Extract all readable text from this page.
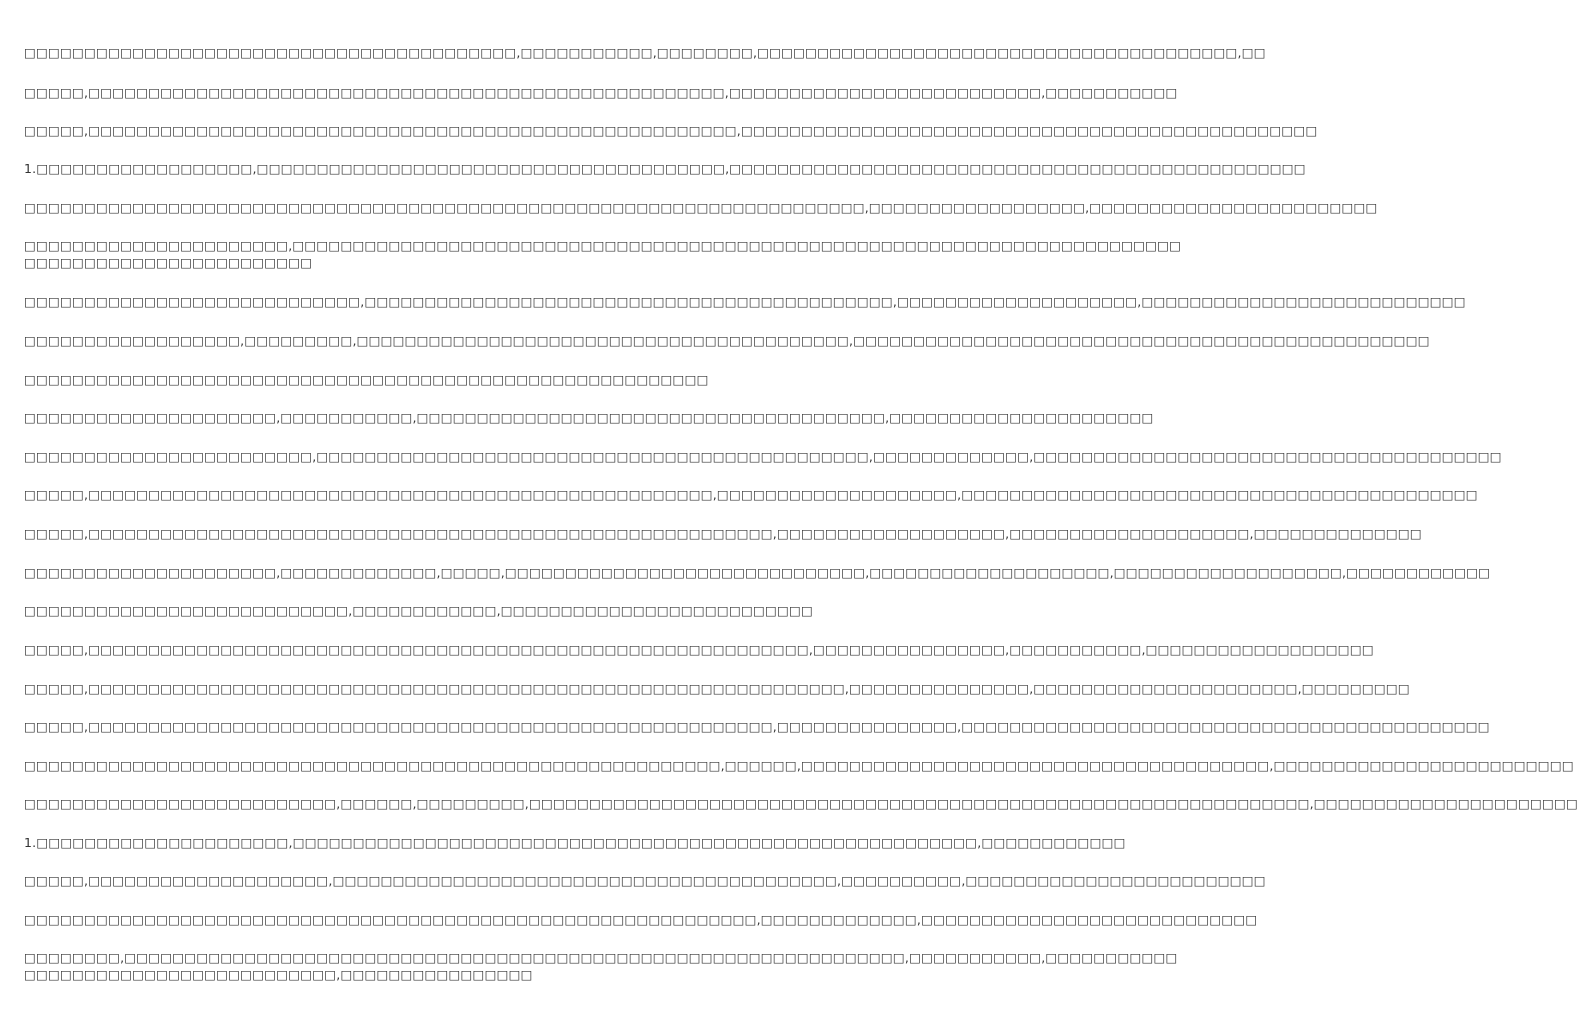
□□□□□□□□□□□□□□□□□□□□□□□□□□□□□□□□□□□□□□□□□,□□□□□□□□□□□,□□□□□□□□,□□□□□□□□□□□□□□□□□□□□□□□□□□□□□□□□□□□□□□□□,□□

□□□□□,□□□□□□□□□□□□□□□□□□□□□□□□□□□□□□□□□□□□□□□□□□□□□□□□□□□□□,□□□□□□□□□□□□□□□□□□□□□□□□□□,□□□□□□□□□□□

□□□□□,□□□□□□□□□□□□□□□□□□□□□□□□□□□□□□□□□□□□□□□□□□□□□□□□□□□□□□,□□□□□□□□□□□□□□□□□□□□□□□□□□□□□□□□□□□□□□□□□□□□□□□□

1.□□□□□□□□□□□□□□□□□□,□□□□□□□□□□□□□□□□□□□□□□□□□□□□□□□□□□□□□□□,□□□□□□□□□□□□□□□□□□□□□□□□□□□□□□□□□□□□□□□□□□□□□□□□

□□□□□□□□□□□□□□□□□□□□□□□□□□□□□□□□□□□□□□□□□□□□□□□□□□□□□□□□□□□□□□□□□□□□□□,□□□□□□□□□□□□□□□□□□,□□□□□□□□□□□□□□□□□□□□□□□□

□□□□□□□□□□□□□□□□□□□□□□,□□□□□□□□□□□□□□□□□□□□□□□□□□□□□□□□□□□□□□□□□□□□□□□□□□□□□□□□□□□□□□□□□□□□□□□□□□ □□□□□□□□□□□□□□□□□□□□□□□□

□□□□□□□□□□□□□□□□□□□□□□□□□□□□,□□□□□□□□□□□□□□□□□□□□□□□□□□□□□□□□□□□□□□□□□□□□,□□□□□□□□□□□□□□□□□□□□,□□□□□□□□□□□□□□□□□□□□□□□□□□□

□□□□□□□□□□□□□□□□□□,□□□□□□□□□,□□□□□□□□□□□□□□□□□□□□□□□□□□□□□□□□□□□□□□□□□,□□□□□□□□□□□□□□□□□□□□□□□□□□□□□□□□□□□□□□□□□□□□□□□□

□□□□□□□□□□□□□□□□□□□□□□□□□□□□□□□□□□□□□□□□□□□□□□□□□□□□□□□□□

□□□□□□□□□□□□□□□□□□□□□,□□□□□□□□□□□,□□□□□□□□□□□□□□□□□□□□□□□□□□□□□□□□□□□□□□□,□□□□□□□□□□□□□□□□□□□□□□

□□□□□□□□□□□□□□□□□□□□□□□□,□□□□□□□□□□□□□□□□□□□□□□□□□□□□□□□□□□□□□□□□□□□□□□,□□□□□□□□□□□□□,□□□□□□□□□□□□□□□□□□□□□□□□□□□□□□□□□□□□□□□

□□□□□,□□□□□□□□□□□□□□□□□□□□□□□□□□□□□□□□□□□□□□□□□□□□□□□□□□□□,□□□□□□□□□□□□□□□□□□□□,□□□□□□□□□□□□□□□□□□□□□□□□□□□□□□□□□□□□□□□□□□□

□□□□□,□□□□□□□□□□□□□□□□□□□□□□□□□□□□□□□□□□□□□□□□□□□□□□□□□□□□□□□□□,□□□□□□□□□□□□□□□□□□□,□□□□□□□□□□□□□□□□□□□□,□□□□□□□□□□□□□□

□□□□□□□□□□□□□□□□□□□□□,□□□□□□□□□□□□□,□□□□□,□□□□□□□□□□□□□□□□□□□□□□□□□□□□□□,□□□□□□□□□□□□□□□□□□□□,□□□□□□□□□□□□□□□□□□□,□□□□□□□□□□□□

□□□□□□□□□□□□□□□□□□□□□□□□□□□,□□□□□□□□□□□□,□□□□□□□□□□□□□□□□□□□□□□□□□□

□□□□□,□□□□□□□□□□□□□□□□□□□□□□□□□□□□□□□□□□□□□□□□□□□□□□□□□□□□□□□□□□□□,□□□□□□□□□□□□□□□□,□□□□□□□□□□□,□□□□□□□□□□□□□□□□□□□

□□□□□,□□□□□□□□□□□□□□□□□□□□□□□□□□□□□□□□□□□□□□□□□□□□□□□□□□□□□□□□□□□□□□□,□□□□□□□□□□□□□□□,□□□□□□□□□□□□□□□□□□□□□□,□□□□□□□□□

□□□□□,□□□□□□□□□□□□□□□□□□□□□□□□□□□□□□□□□□□□□□□□□□□□□□□□□□□□□□□□□,□□□□□□□□□□□□□□□,□□□□□□□□□□□□□□□□□□□□□□□□□□□□□□□□□□□□□□□□□□□□

□□□□□□□□□□□□□□□□□□□□□□□□□□□□□□□□□□□□□□□□□□□□□□□□□□□□□□□□□□,□□□□□□,□□□□□□□□□□□□□□□□□□□□□□□□□□□□□□□□□□□□□□□,□□□□□□□□□□□□□□□□□□□□□□□□□

□□□□□□□□□□□□□□□□□□□□□□□□□□,□□□□□□,□□□□□□□□□,□□□□□□□□□□□□□□□□□□□□□□□□□□□□□□□□□□□□□□□□□□□□□□□□□□□□□□□□□□□□□□□□□,□□□□□□□□□□□□□□□□□□□□□□

1.□□□□□□□□□□□□□□□□□□□□□,□□□□□□□□□□□□□□□□□□□□□□□□□□□□□□□□□□□□□□□□□□□□□□□□□□□□□□□□□,□□□□□□□□□□□□

□□□□□,□□□□□□□□□□□□□□□□□□□□,□□□□□□□□□□□□□□□□□□□□□□□□□□□□□□□□□□□□□□□□□□,□□□□□□□□□□,□□□□□□□□□□□□□□□□□□□□□□□□□

□□□□□□□□□□□□□□□□□□□□□□□□□□□□□□□□□□□□□□□□□□□□□□□□□□□□□□□□□□□□□,□□□□□□□□□□□□□,□□□□□□□□□□□□□□□□□□□□□□□□□□□□

□□□□□□□□,□□□□□□□□□□□□□□□□□□□□□□□□□□□□□□□□□□□□□□□□□□□□□□□□□□□□□□□□□□□□□□□□□,□□□□□□□□□□□,□□□□□□□□□□□ □□□□□□□□□□□□□□□□□□□□□□□□□□,□□□□□□□□□□□□□□□□
